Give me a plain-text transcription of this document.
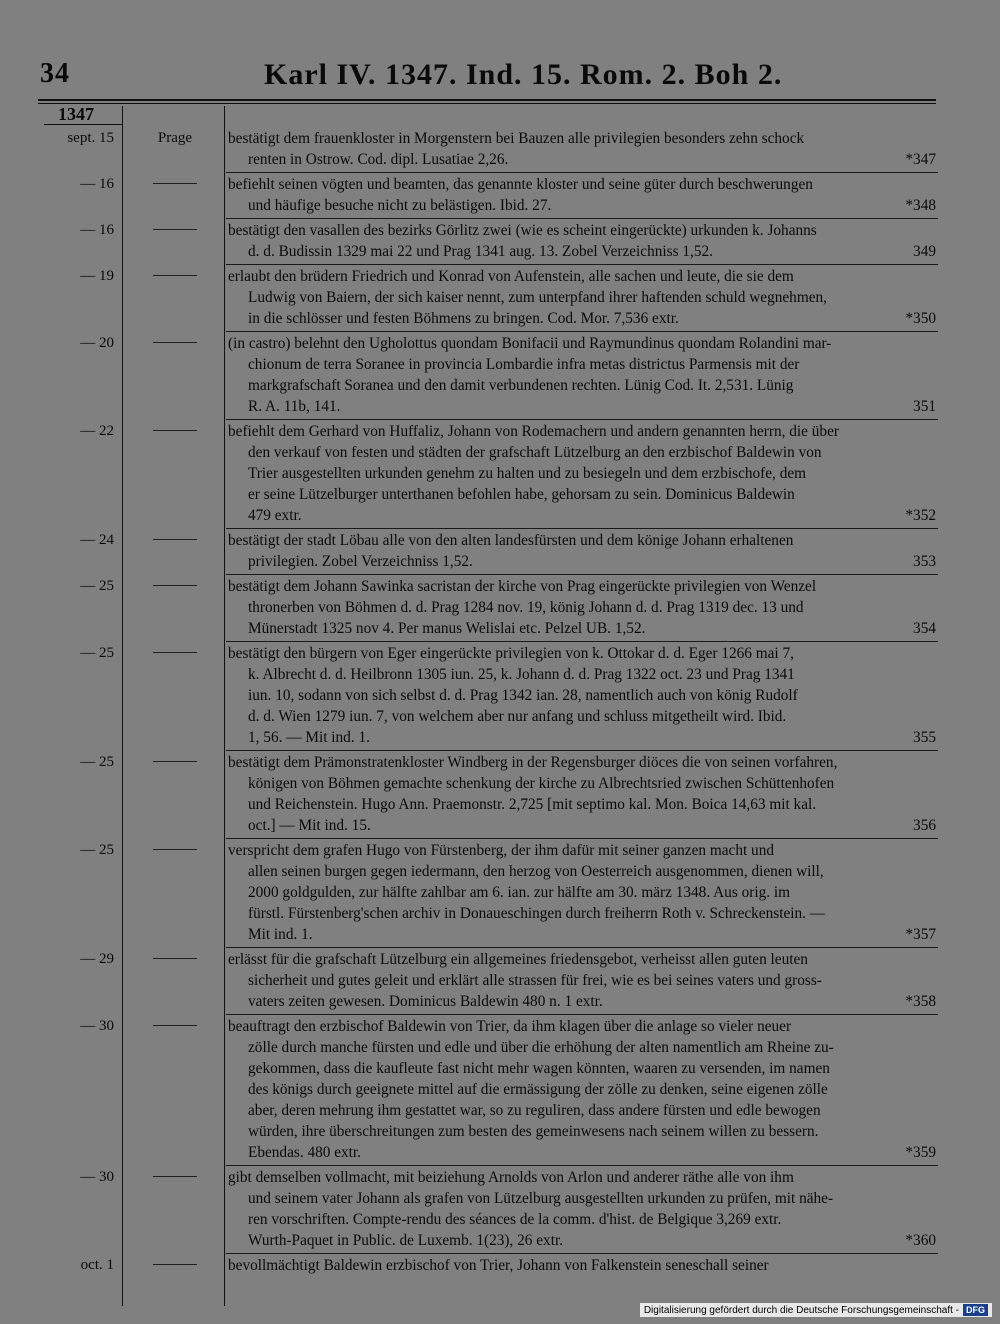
34	Karl IV. 1347. Ind. 15. Rom. 2. Boh 2.
1347
sept. 15	Prage	bestätigt dem frauenkloster in Morgenstern bei Bauzen alle privilegien besonders zehn schock
renten in Ostrow. Cod. dipl. Lusatiae 2,26.	*347
— 16	befiehlt seinen vögten und beamten, das genannte kloster und seine güter durch beschwerungen
und häufige besuche nicht zu belästigen. Ibid. 27.	*348
— 16	bestätigt den vasallen des bezirks Görlitz zwei (wie es scheint eingerückte) urkunden k. Johanns
d. d. Budissin 1329 mai 22 und Prag 1341 aug. 13. Zobel Verzeichniss 1,52.	349
— 19	erlaubt den brüdern Friedrich und Konrad von Aufenstein, alle sachen und leute, die sie dem
Ludwig von Baiern, der sich kaiser nennt, zum unterpfand ihrer haftenden schuld wegnehmen,
in die schlösser und festen Böhmens zu bringen. Cod. Mor. 7,536 extr.	*350
— 20	(in castro) belehnt den Ugholottus quondam Bonifacii und Raymundinus quondam Rolandini mar-
chionum de terra Soranee in provincia Lombardie infra metas districtus Parmensis mit der
markgrafschaft Soranea und den damit verbundenen rechten. Lünig Cod. It. 2,531. Lünig
R. A. 11b, 141.	351
— 22	befiehlt dem Gerhard von Huffaliz, Johann von Rodemachern und andern genannten herrn, die über
den verkauf von festen und städten der grafschaft Lützelburg an den erzbischof Baldewin von
Trier ausgestellten urkunden genehm zu halten und zu besiegeln und dem erzbischofe, dem
er seine Lützelburger unterthanen befohlen habe, gehorsam zu sein. Dominicus Baldewin
479 extr.	*352
— 24	bestätigt der stadt Löbau alle von den alten landesfürsten und dem könige Johann erhaltenen
privilegien. Zobel Verzeichniss 1,52.	353
— 25	bestätigt dem Johann Sawinka sacristan der kirche von Prag eingerückte privilegien von Wenzel
thronerben von Böhmen d. d. Prag 1284 nov. 19, könig Johann d. d. Prag 1319 dec. 13 und
Münerstadt 1325 nov 4. Per manus Welislai etc. Pelzel UB. 1,52.	354
— 25	bestätigt den bürgern von Eger eingerückte privilegien von k. Ottokar d. d. Eger 1266 mai 7,
k. Albrecht d. d. Heilbronn 1305 iun. 25, k. Johann d. d. Prag 1322 oct. 23 und Prag 1341
iun. 10, sodann von sich selbst d. d. Prag 1342 ian. 28, namentlich auch von könig Rudolf
d. d. Wien 1279 iun. 7, von welchem aber nur anfang und schluss mitgetheilt wird. Ibid.
1, 56. — Mit ind. 1.	355
— 25	bestätigt dem Prämonstratenkloster Windberg in der Regensburger diöces die von seinen vorfahren,
königen von Böhmen gemachte schenkung der kirche zu Albrechtsried zwischen Schüttenhofen
und Reichenstein. Hugo Ann. Praemonstr. 2,725 [mit septimo kal. Mon. Boica 14,63 mit kal.
oct.] — Mit ind. 15.	356
— 25	verspricht dem grafen Hugo von Fürstenberg, der ihm dafür mit seiner ganzen macht und
allen seinen burgen gegen iedermann, den herzog von Oesterreich ausgenommen, dienen will,
2000 goldgulden, zur hälfte zahlbar am 6. ian. zur hälfte am 30. märz 1348. Aus orig. im
fürstl. Fürstenberg'schen archiv in Donaueschingen durch freiherrn Roth v. Schreckenstein. —
Mit ind. 1.	*357
— 29	erlässt für die grafschaft Lützelburg ein allgemeines friedensgebot, verheisst allen guten leuten
sicherheit und gutes geleit und erklärt alle strassen für frei, wie es bei seines vaters und gross-
vaters zeiten gewesen. Dominicus Baldewin 480 n. 1 extr.	*358
— 30	beauftragt den erzbischof Baldewin von Trier, da ihm klagen über die anlage so vieler neuer
zölle durch manche fürsten und edle und über die erhöhung der alten namentlich am Rheine zu-
gekommen, dass die kaufleute fast nicht mehr wagen könnten, waaren zu versenden, im namen
des königs durch geeignete mittel auf die ermässigung der zölle zu denken, seine eigenen zölle
aber, deren mehrung ihm gestattet war, so zu reguliren, dass andere fürsten und edle bewogen
würden, ihre überschreitungen zum besten des gemeinwesens nach seinem willen zu bessern.
Ebendas. 480 extr.	*359
— 30	gibt demselben vollmacht, mit beiziehung Arnolds von Arlon und anderer räthe alle von ihm
und seinem vater Johann als grafen von Lützelburg ausgestellten urkunden zu prüfen, mit nähe-
ren vorschriften. Compte-rendu des séances de la comm. d'hist. de Belgique 3,269 extr.
Wurth-Paquet in Public. de Luxemb. 1(23), 26 extr.	*360
oct. 1	bevollmächtigt Baldewin erzbischof von Trier, Johann von Falkenstein seneschall seiner
Digitalisierung gefördert durch die Deutsche Forschungsgemeinschaft - DFG
